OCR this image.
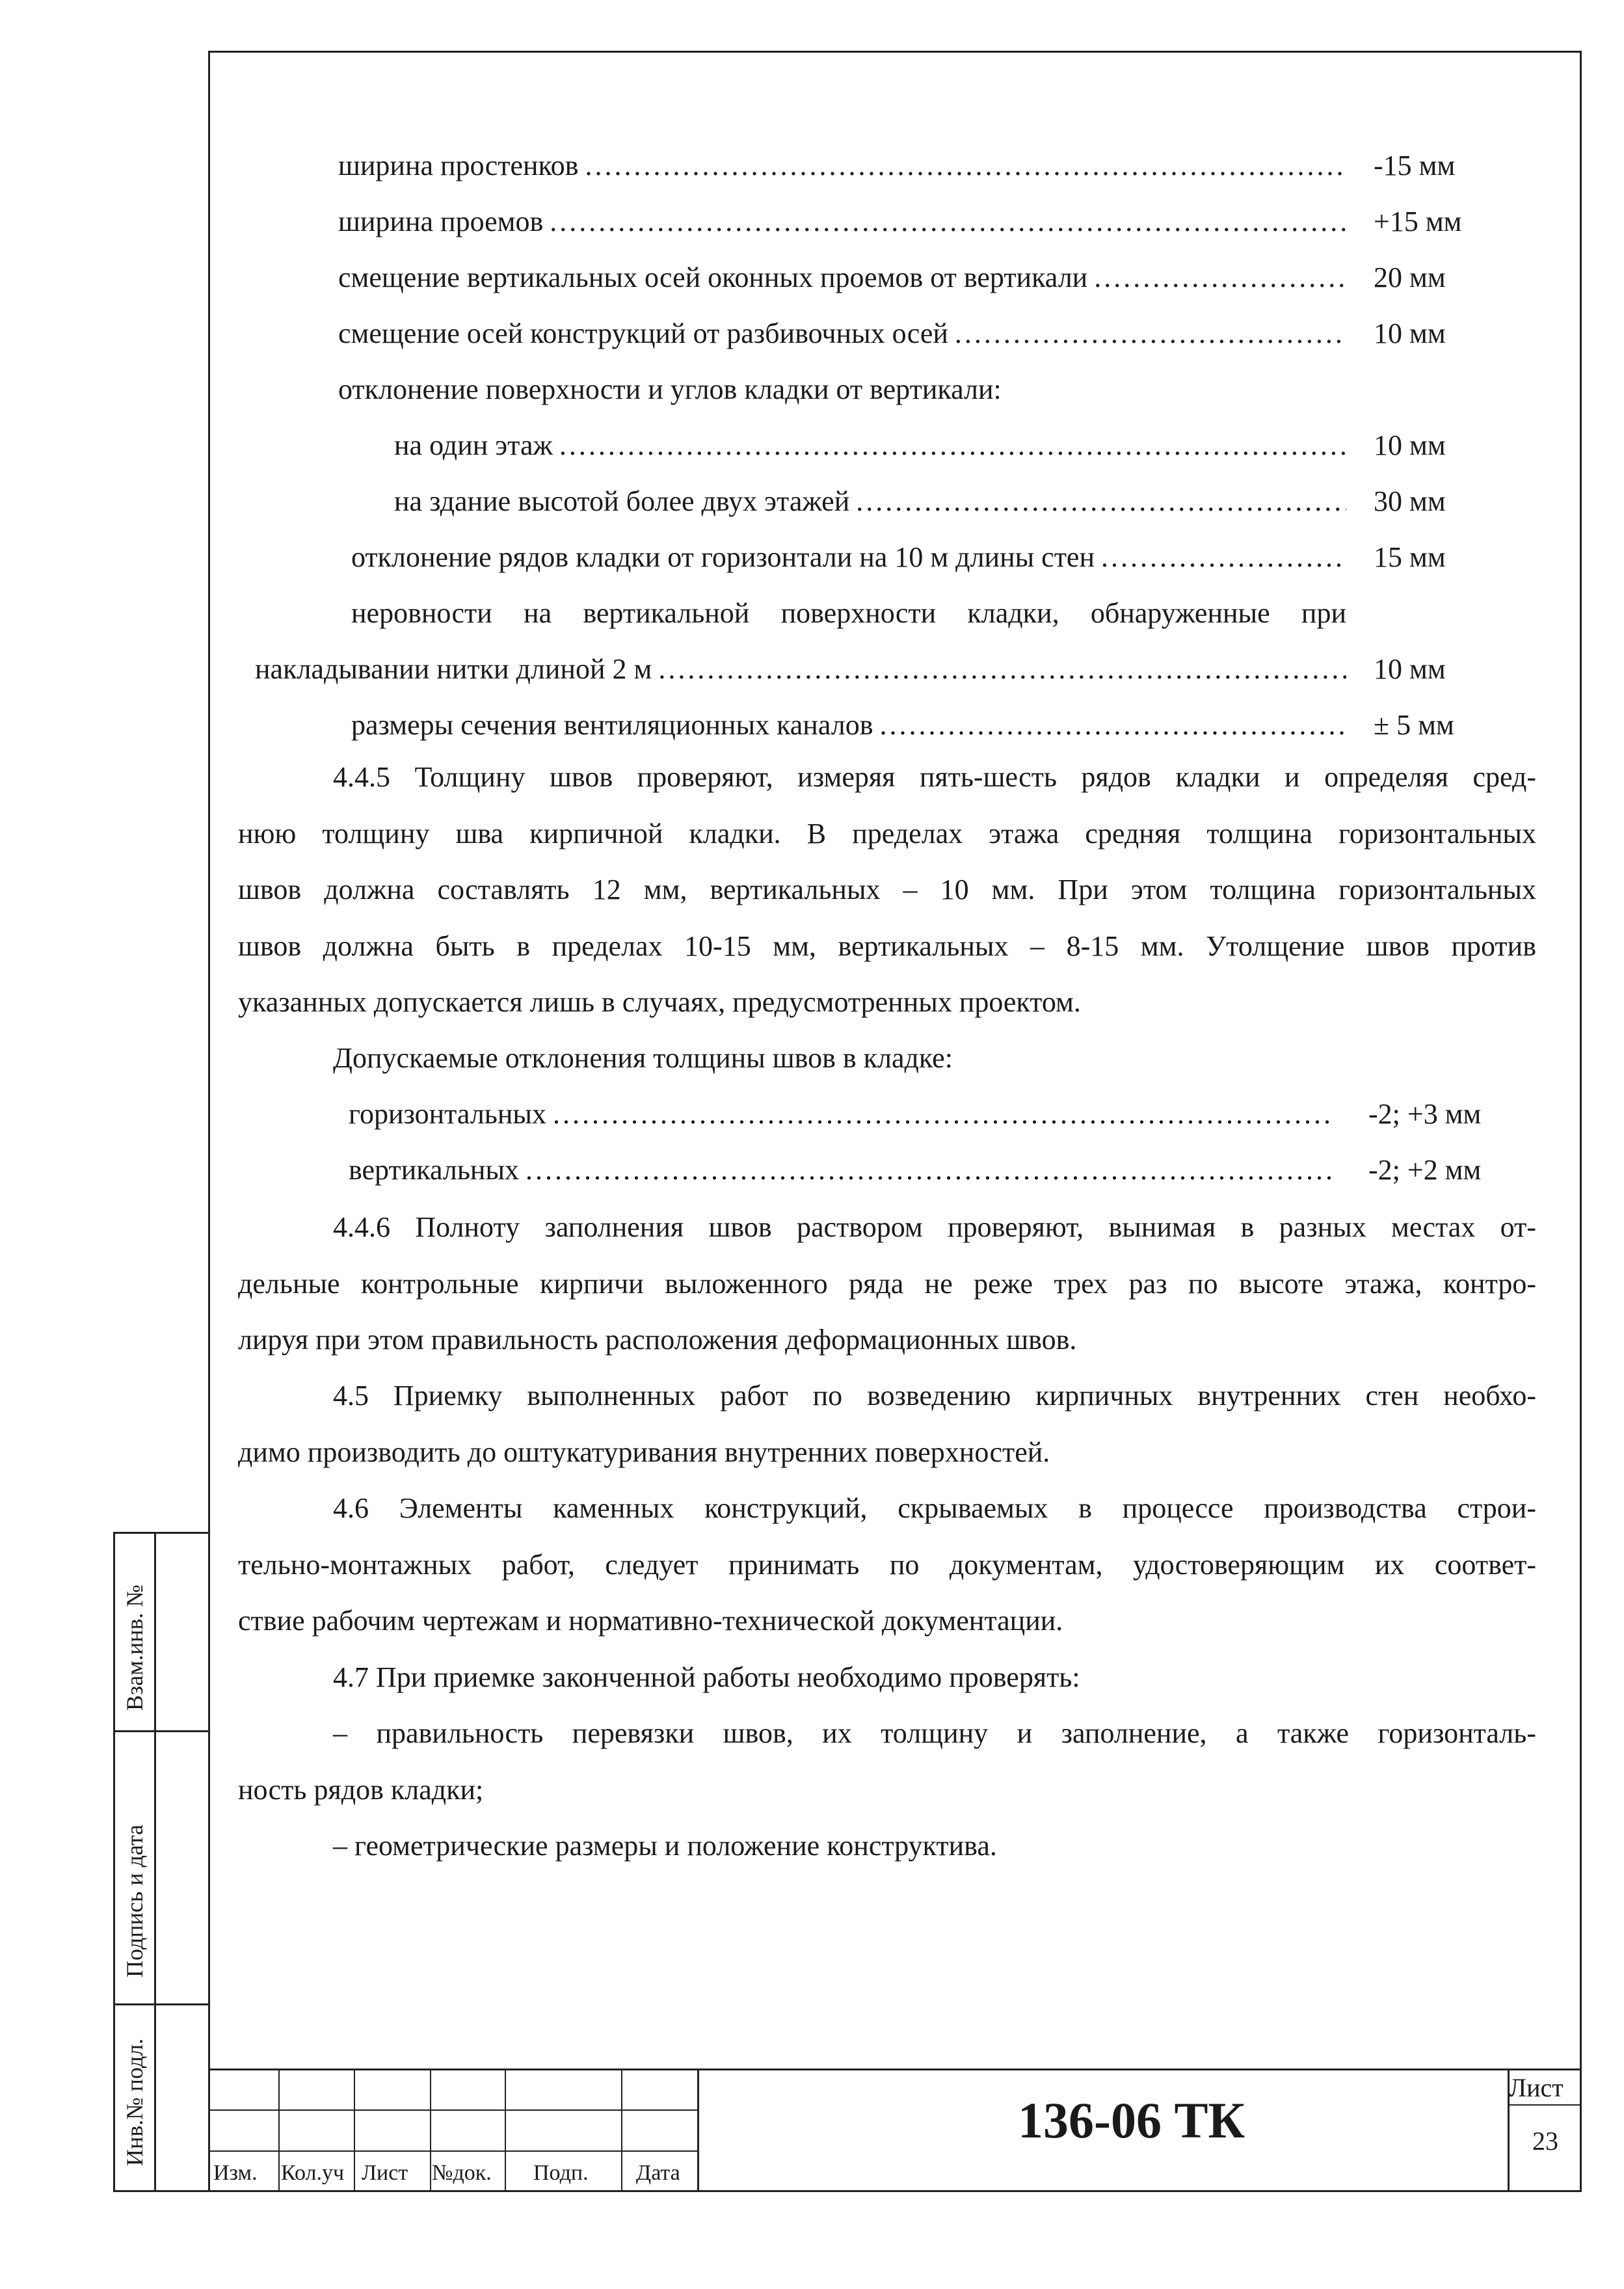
ширина простенков .....	-15 мм
ширина проемов .....	+15 мм
смещение вертикальных осей оконных проемов от вертикали .....	20 мм
смещение осей конструкций от разбивочных осей .....	10 мм
отклонение поверхности и углов кладки от вертикали:
на один этаж .....	10 мм
на здание высотой более двух этажей .....	30 мм
отклонение рядов кладки от горизонтали на 10 м длины стен .....	15 мм
неровности на вертикальной поверхности кладки, обнаруженные при
накладывании нитки длиной 2 м .....	10 мм
размеры сечения вентиляционных каналов .....	± 5 мм
4.4.5 Толщину швов проверяют, измеряя пять-шесть рядов кладки и определяя сред-
нюю толщину шва кирпичной кладки. В пределах этажа средняя толщина горизонтальных
швов должна составлять 12 мм, вертикальных – 10 мм. При этом толщина горизонтальных
швов должна быть в пределах 10-15 мм, вертикальных – 8-15 мм. Утолщение швов против
указанных допускается лишь в случаях, предусмотренных проектом.
Допускаемые отклонения толщины швов в кладке:
горизонтальных .....	-2; +3 мм
вертикальных .....	-2; +2 мм
4.4.6 Полноту заполнения швов раствором проверяют, вынимая в разных местах от-
дельные контрольные кирпичи выложенного ряда не реже трех раз по высоте этажа, контро-
лируя при этом правильность расположения деформационных швов.
4.5 Приемку выполненных работ по возведению кирпичных внутренних стен необхо-
димо производить до оштукатуривания внутренних поверхностей.
4.6 Элементы каменных конструкций, скрываемых в процессе производства строи-
тельно-монтажных работ, следует принимать по документам, удостоверяющим их соответ-
ствие рабочим чертежам и нормативно-технической документации.
4.7 При приемке законченной работы необходимо проверять:
– правильность перевязки швов, их толщину и заполнение, а также горизонталь-
ность рядов кладки;
– геометрические размеры и положение конструктива.
Взам.инв. №
Подпись и дата
Инв.№ подл.
Изм. Кол.уч Лист №док. Подп. Дата
136-06 ТК
Лист
23
